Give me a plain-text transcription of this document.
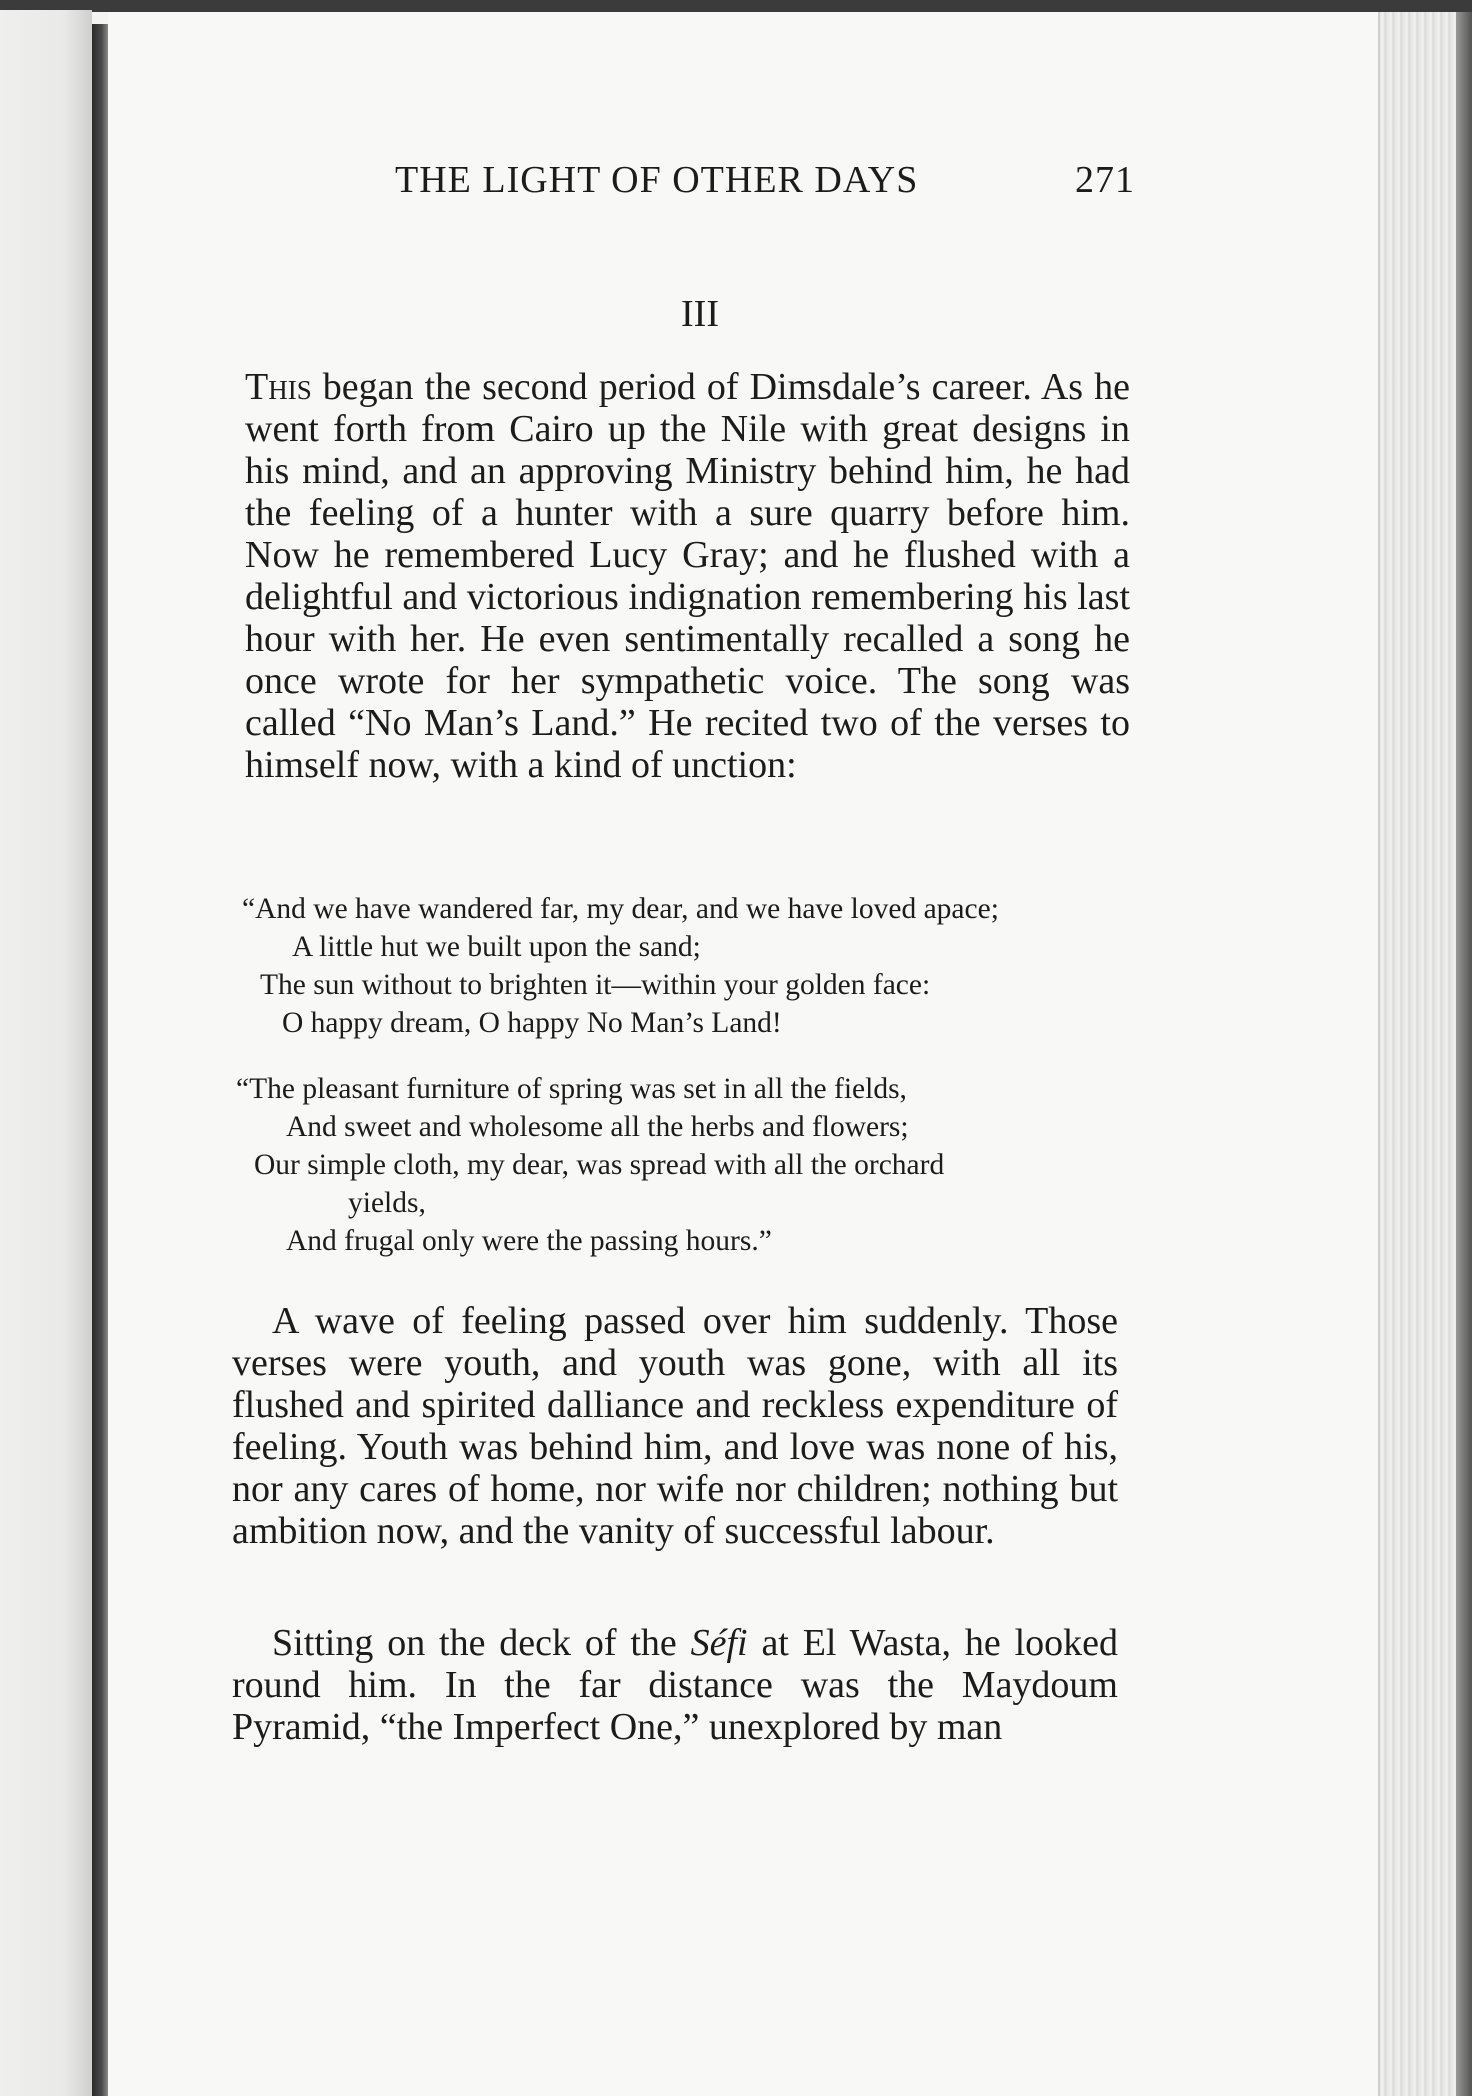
THE LIGHT OF OTHER DAYS	271
III

This began the second period of Dimsdale’s career. As he went forth from Cairo up the Nile with great designs in his mind, and an approving Ministry behind him, he had the feeling of a hunter with a sure quarry before him. Now he remembered Lucy Gray; and he flushed with a delightful and victorious indignation remembering his last hour with her. He even sentimentally recalled a song he once wrote for her sympathetic voice. The song was called “No Man’s Land.” He recited two of the verses to himself now, with a kind of unction:

“And we have wandered far, my dear, and we have loved apace;
A little hut we built upon the sand;
The sun without to brighten it—within your golden face:
O happy dream, O happy No Man’s Land!
“The pleasant furniture of spring was set in all the fields,
And sweet and wholesome all the herbs and flowers;
Our simple cloth, my dear, was spread with all the orchard
yields,
And frugal only were the passing hours.”

A wave of feeling passed over him suddenly. Those verses were youth, and youth was gone, with all its flushed and spirited dalliance and reckless expenditure of feeling. Youth was behind him, and love was none of his, nor any cares of home, nor wife nor children; nothing but ambition now, and the vanity of successful labour.

Sitting on the deck of the Séfi at El Wasta, he looked round him. In the far distance was the Maydoum Pyramid, “the Imperfect One,” unexplored by man
